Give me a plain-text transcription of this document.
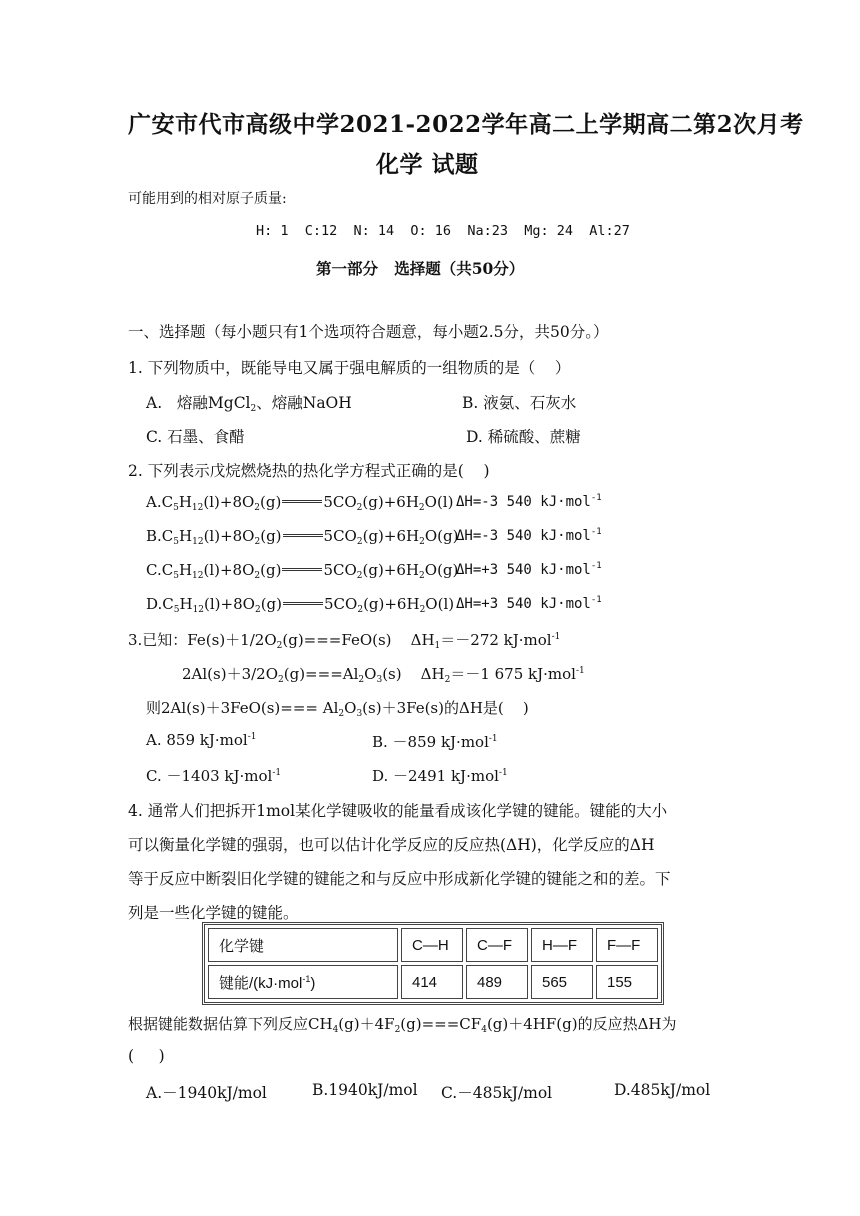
广安市代市高级中学2021-2022学年高二上学期高二第2次月考
化学 试题
可能用到的相对原子质量:
H: 1  C:12  N: 14  O: 16  Na:23  Mg: 24  Al:27
第一部分   选择题（共50分）
一、选择题（每小题只有1个选项符合题意，每小题2.5分，共50分。）
1. 下列物质中，既能导电又属于强电解质的一组物质的是（    ）
A.   熔融MgCl$_2$、熔融NaOH	B. 液氨、石灰水
C. 石墨、食醋	D. 稀硫酸、蔗糖
2. 下列表示戊烷燃烧热的热化学方程式正确的是(    )
$A.C_5H_{12}(l)+8O_2(g)$	$5CO_2(g)+6H_2O(l)$ ΔH=-3 540 kJ·mol$^{-1}$
$B.C_5H_{12}(l)+8O_2(g)$	$5CO_2(g)+6H_2O(g)$
ΔH=-3 540 kJ·mol$^{-1}$
$C.C_5H_{12}(l)+8O_2(g)$	$5CO_2(g)+6H_2O(g)$
ΔH=+3 540 kJ·mol$^{-1}$
$D.C_5H_{12}(l)+8O_2(g)$	$5CO_2(g)+6H_2O(l)$ ΔH=+3 540 kJ·mol$^{-1}$
3.已知：$Fe(s)+1/2O_2(g)===FeO(s)$ $\Delta H_1=-272$ kJ·mol$^{-1}$
$2Al(s)+3/2O_2(g)===Al_2O_3(s)$ $\Delta H_2=-1$ 675 kJ·mol$^{-1}$
则$2Al(s)+3FeO(s)=== Al_2O_3(s)+3Fe(s)$的ΔH是(    )
A. 859 kJ·mol$^{-1}$	B. －859 kJ·mol$^{-1}$
C. －1403 kJ·mol$^{-1}$	D. －2491 kJ·mol$^{-1}$
4. 通常人们把拆开1mol某化学键吸收的能量看成该化学键的键能。键能的大小
可以衡量化学键的强弱，也可以估计化学反应的反应热(ΔH)，化学反应的ΔH
等于反应中断裂旧化学键的键能之和与反应中形成新化学键的键能之和的差。下
列是一些化学键的键能。
化学键	C—H	C—F	H—F	F—F
键能/(kJ·mol$^{-1}$)	414	489	565	155
根据键能数据估算下列反应$CH_4(g)+4F_2(g)===CF_4(g)+4HF(g)$的反应热ΔH为
(     )
A.－1940kJ/mol	B.1940kJ/mol C.－485kJ/mol	D.485kJ/mol
